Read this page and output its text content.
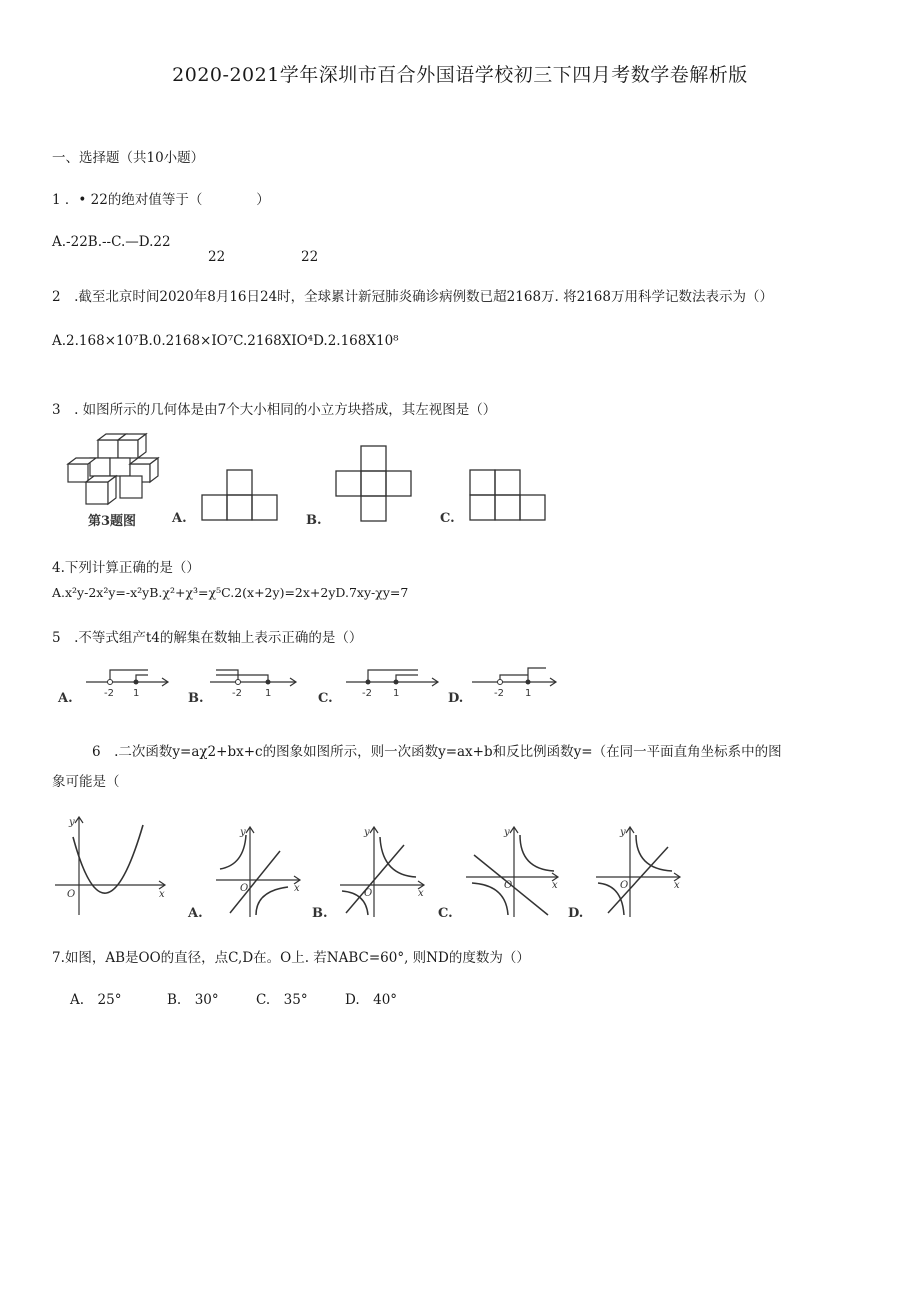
2020-2021学年深圳市百合外国语学校初三下四月考数学卷解析版
一、选择题（共10小题）
1 ．• 22的绝对值等于（　　　　）
A.-22B.--C.—D.22
22	22
2　.截至北京时间2020年8月16日24时，全球累计新冠肺炎确诊病例数已超2168万. 将2168万用科学记数法表示为（）
A.2.168×10⁷B.0.2168×IO⁷C.2168XIO⁴D.2.168X10⁸
3　. 如图所示的几何体是由7个大小相同的小立方块搭成，其左视图是（）
第3题图	A.	B.	C.
4.下列计算正确的是（）
A.x²y-2x²y=-x²yB.χ²+χ³=χ⁵C.2(x+2y)=2x+2yD.7xy-χy=7
5　.不等式组产t4的解集在数轴上表示正确的是（）
A.	-2 1	B.	-2 1	C.	-2 1	D.	-2 1
6　.二次函数y=aχ2+bx+c的图象如图所示，则一次函数y=ax+b和反比例函数y=（在同一平面直角坐标系中的图
象可能是（
y
x
O
A.
y
x
O
B.
y
x
O
C.
y
x
O
D.
y
x
O
7.如图，AB是OO的直径，点C,D在。O上. 若NABC=60°, 则ND的度数为（）
A.　25°	B.　30°	C.　35°	D.　40°
